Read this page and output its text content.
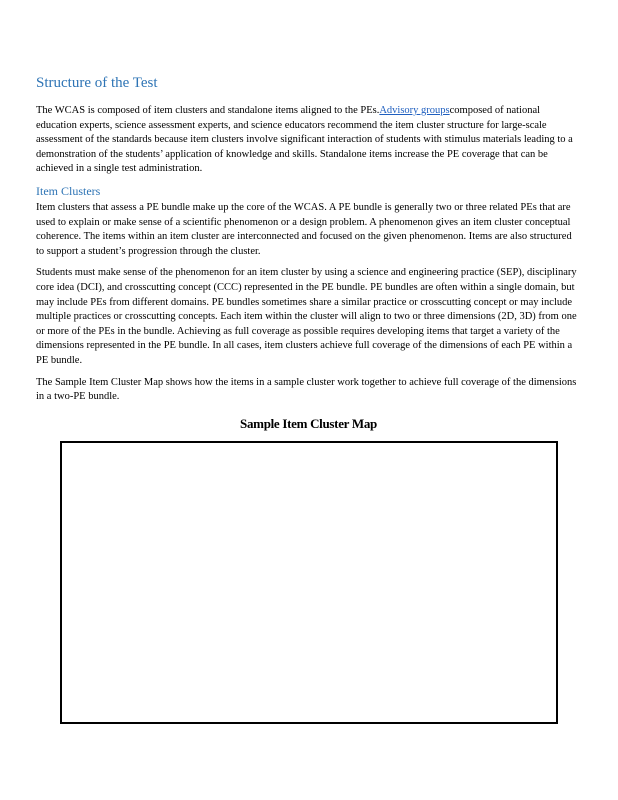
Structure of the Test

The WCAS is composed of item clusters and standalone items aligned to the PEs.Advisory groupscomposed of national education experts, science assessment experts, and science educators recommend the item cluster structure for large-scale assessment of the standards because item clusters involve significant interaction of students with stimulus materials leading to a demonstration of the students’ application of knowledge and skills. Standalone items increase the PE coverage that can be achieved in a single test administration.

Item Clusters

Item clusters that assess a PE bundle make up the core of the WCAS. A PE bundle is generally two or three related PEs that are used to explain or make sense of a scientific phenomenon or a design problem. A phenomenon gives an item cluster conceptual coherence. The items within an item cluster are interconnected and focused on the given phenomenon. Items are also structured to support a student’s progression through the cluster.

Students must make sense of the phenomenon for an item cluster by using a science and engineering practice (SEP), disciplinary core idea (DCI), and crosscutting concept (CCC) represented in the PE bundle. PE bundles are often within a single domain, but may include PEs from different domains. PE bundles sometimes share a similar practice or crosscutting concept or may include multiple practices or crosscutting concepts. Each item within the cluster will align to two or three dimensions (2D, 3D) from one or more of the PEs in the bundle. Achieving as full coverage as possible requires developing items that target a variety of the dimensions represented in the PE bundle. In all cases, item clusters achieve full coverage of the dimensions of each PE within a PE bundle.

The Sample Item Cluster Map shows how the items in a sample cluster work together to achieve full coverage of the dimensions in a two-PE bundle.

Sample Item Cluster Map
